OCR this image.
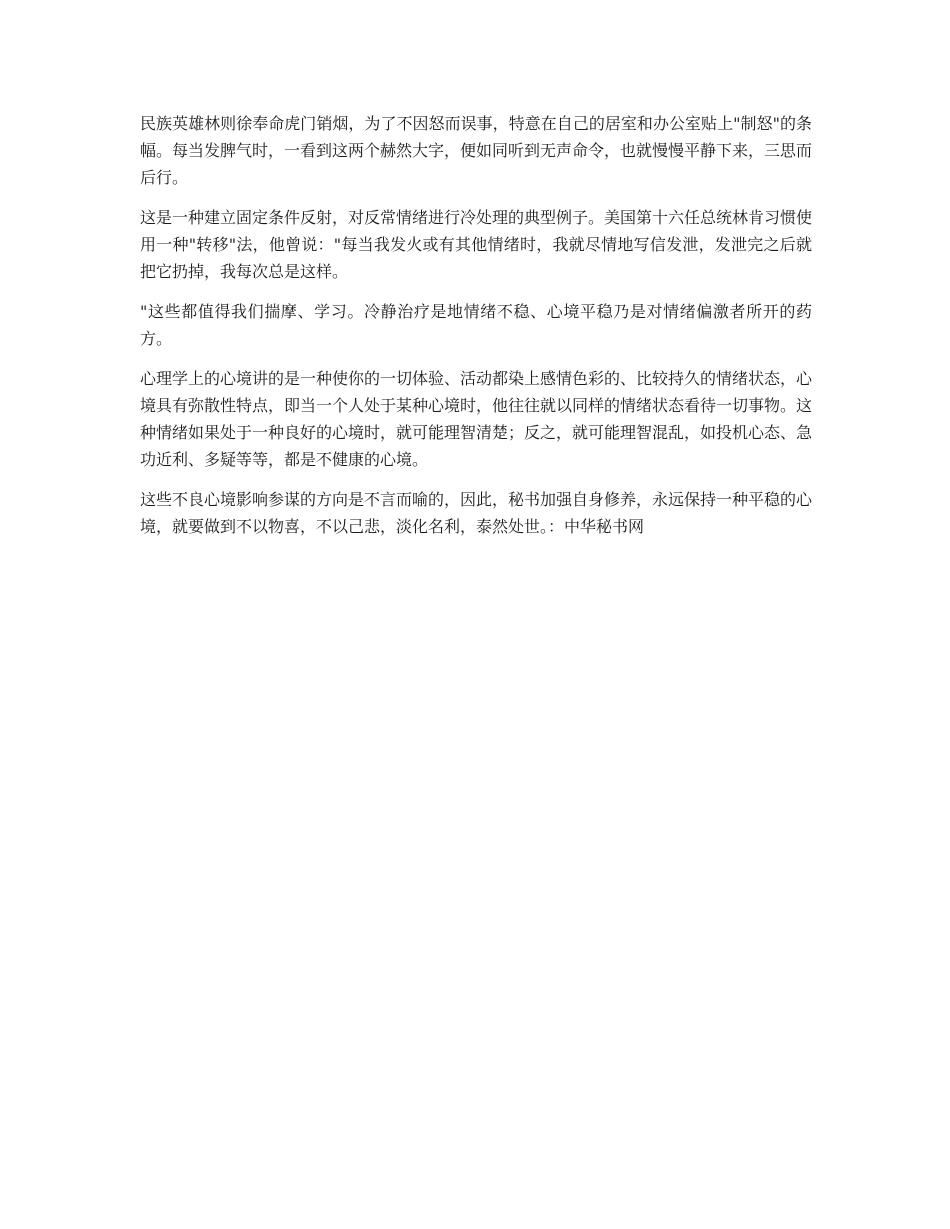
民族英雄林则徐奉命虎门销烟，为了不因怒而误事，特意在自己的居室和办公室贴上"制怒"的条幅。每当发脾气时，一看到这两个赫然大字，便如同听到无声命令，也就慢慢平静下来，三思而后行。

这是一种建立固定条件反射，对反常情绪进行冷处理的典型例子。美国第十六任总统林肯习惯使用一种"转移"法，他曾说："每当我发火或有其他情绪时，我就尽情地写信发泄，发泄完之后就把它扔掉，我每次总是这样。

"这些都值得我们揣摩、学习。冷静治疗是地情绪不稳、心境平稳乃是对情绪偏激者所开的药方。

心理学上的心境讲的是一种使你的一切体验、活动都染上感情色彩的、比较持久的情绪状态，心境具有弥散性特点，即当一个人处于某种心境时，他往往就以同样的情绪状态看待一切事物。这种情绪如果处于一种良好的心境时，就可能理智清楚；反之，就可能理智混乱，如投机心态、急功近利、多疑等等，都是不健康的心境。

这些不良心境影响参谋的方向是不言而喻的，因此，秘书加强自身修养，永远保持一种平稳的心境，就要做到不以物喜，不以己悲，淡化名利，泰然处世。：中华秘书网
